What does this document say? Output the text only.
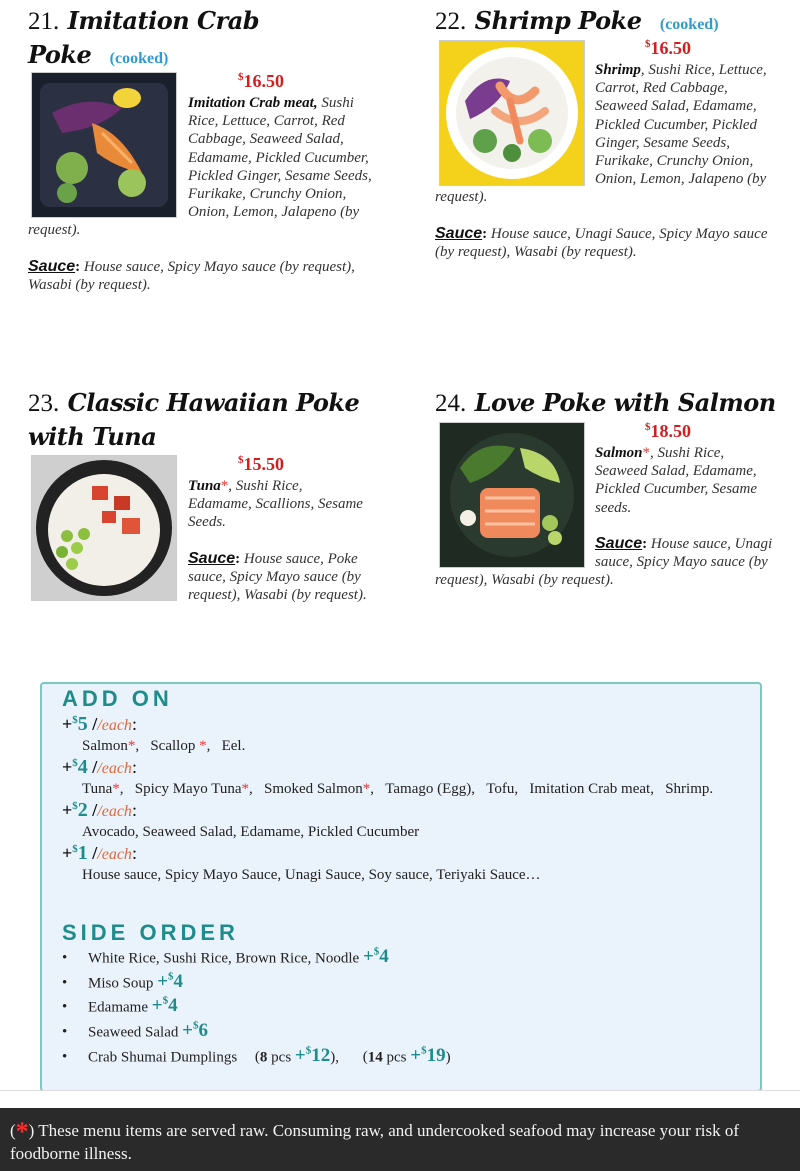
21. Imitation Crab
Poke (cooked)
$16.50
Imitation Crab meat, Sushi Rice, Lettuce, Carrot, Red Cabbage, Seaweed Salad, Edamame, Pickled Cucumber, Pickled Ginger, Sesame Seeds, Furikake, Crunchy Onion, Onion, Lemon, Jalapeno (by request).
Sauce: House sauce, Spicy Mayo sauce (by request), Wasabi (by request).
22. Shrimp Poke (cooked)
$16.50
Shrimp, Sushi Rice, Lettuce, Carrot, Red Cabbage, Seaweed Salad, Edamame, Pickled Cucumber, Pickled Ginger, Sesame Seeds, Furikake, Crunchy Onion, Onion, Lemon, Jalapeno (by request).
Sauce: House sauce, Unagi Sauce, Spicy Mayo sauce (by request), Wasabi (by request).
23. Classic Hawaiian Poke
with Tuna
$15.50
Tuna*, Sushi Rice, Edamame, Scallions, Sesame Seeds.
Sauce: House sauce, Poke sauce, Spicy Mayo sauce (by request), Wasabi (by request).
24. Love Poke with Salmon
$18.50
Salmon*, Sushi Rice, Seaweed Salad, Edamame, Pickled Cucumber, Sesame seeds.
Sauce: House sauce, Unagi sauce, Spicy Mayo sauce (by request), Wasabi (by request).
ADD ON
+$5 //each:
Salmon*,   Scallop *,   Eel.
+$4 //each:
Tuna*,   Spicy Mayo Tuna*,   Smoked Salmon*,   Tamago (Egg),   Tofu,   Imitation Crab meat,   Shrimp.
+$2 //each:
Avocado, Seaweed Salad, Edamame, Pickled Cucumber
+$1 //each:
House sauce, Spicy Mayo Sauce, Unagi Sauce, Soy sauce, Teriyaki Sauce…
SIDE ORDER
• White Rice, Sushi Rice, Brown Rice, Noodle +$4
• Miso Soup +$4
• Edamame +$4
• Seaweed Salad +$6
• Crab Shumai Dumplings (8 pcs +$12), (14 pcs +$19)
(*) These menu items are served raw. Consuming raw, and undercooked seafood may increase your risk of foodborne illness.
